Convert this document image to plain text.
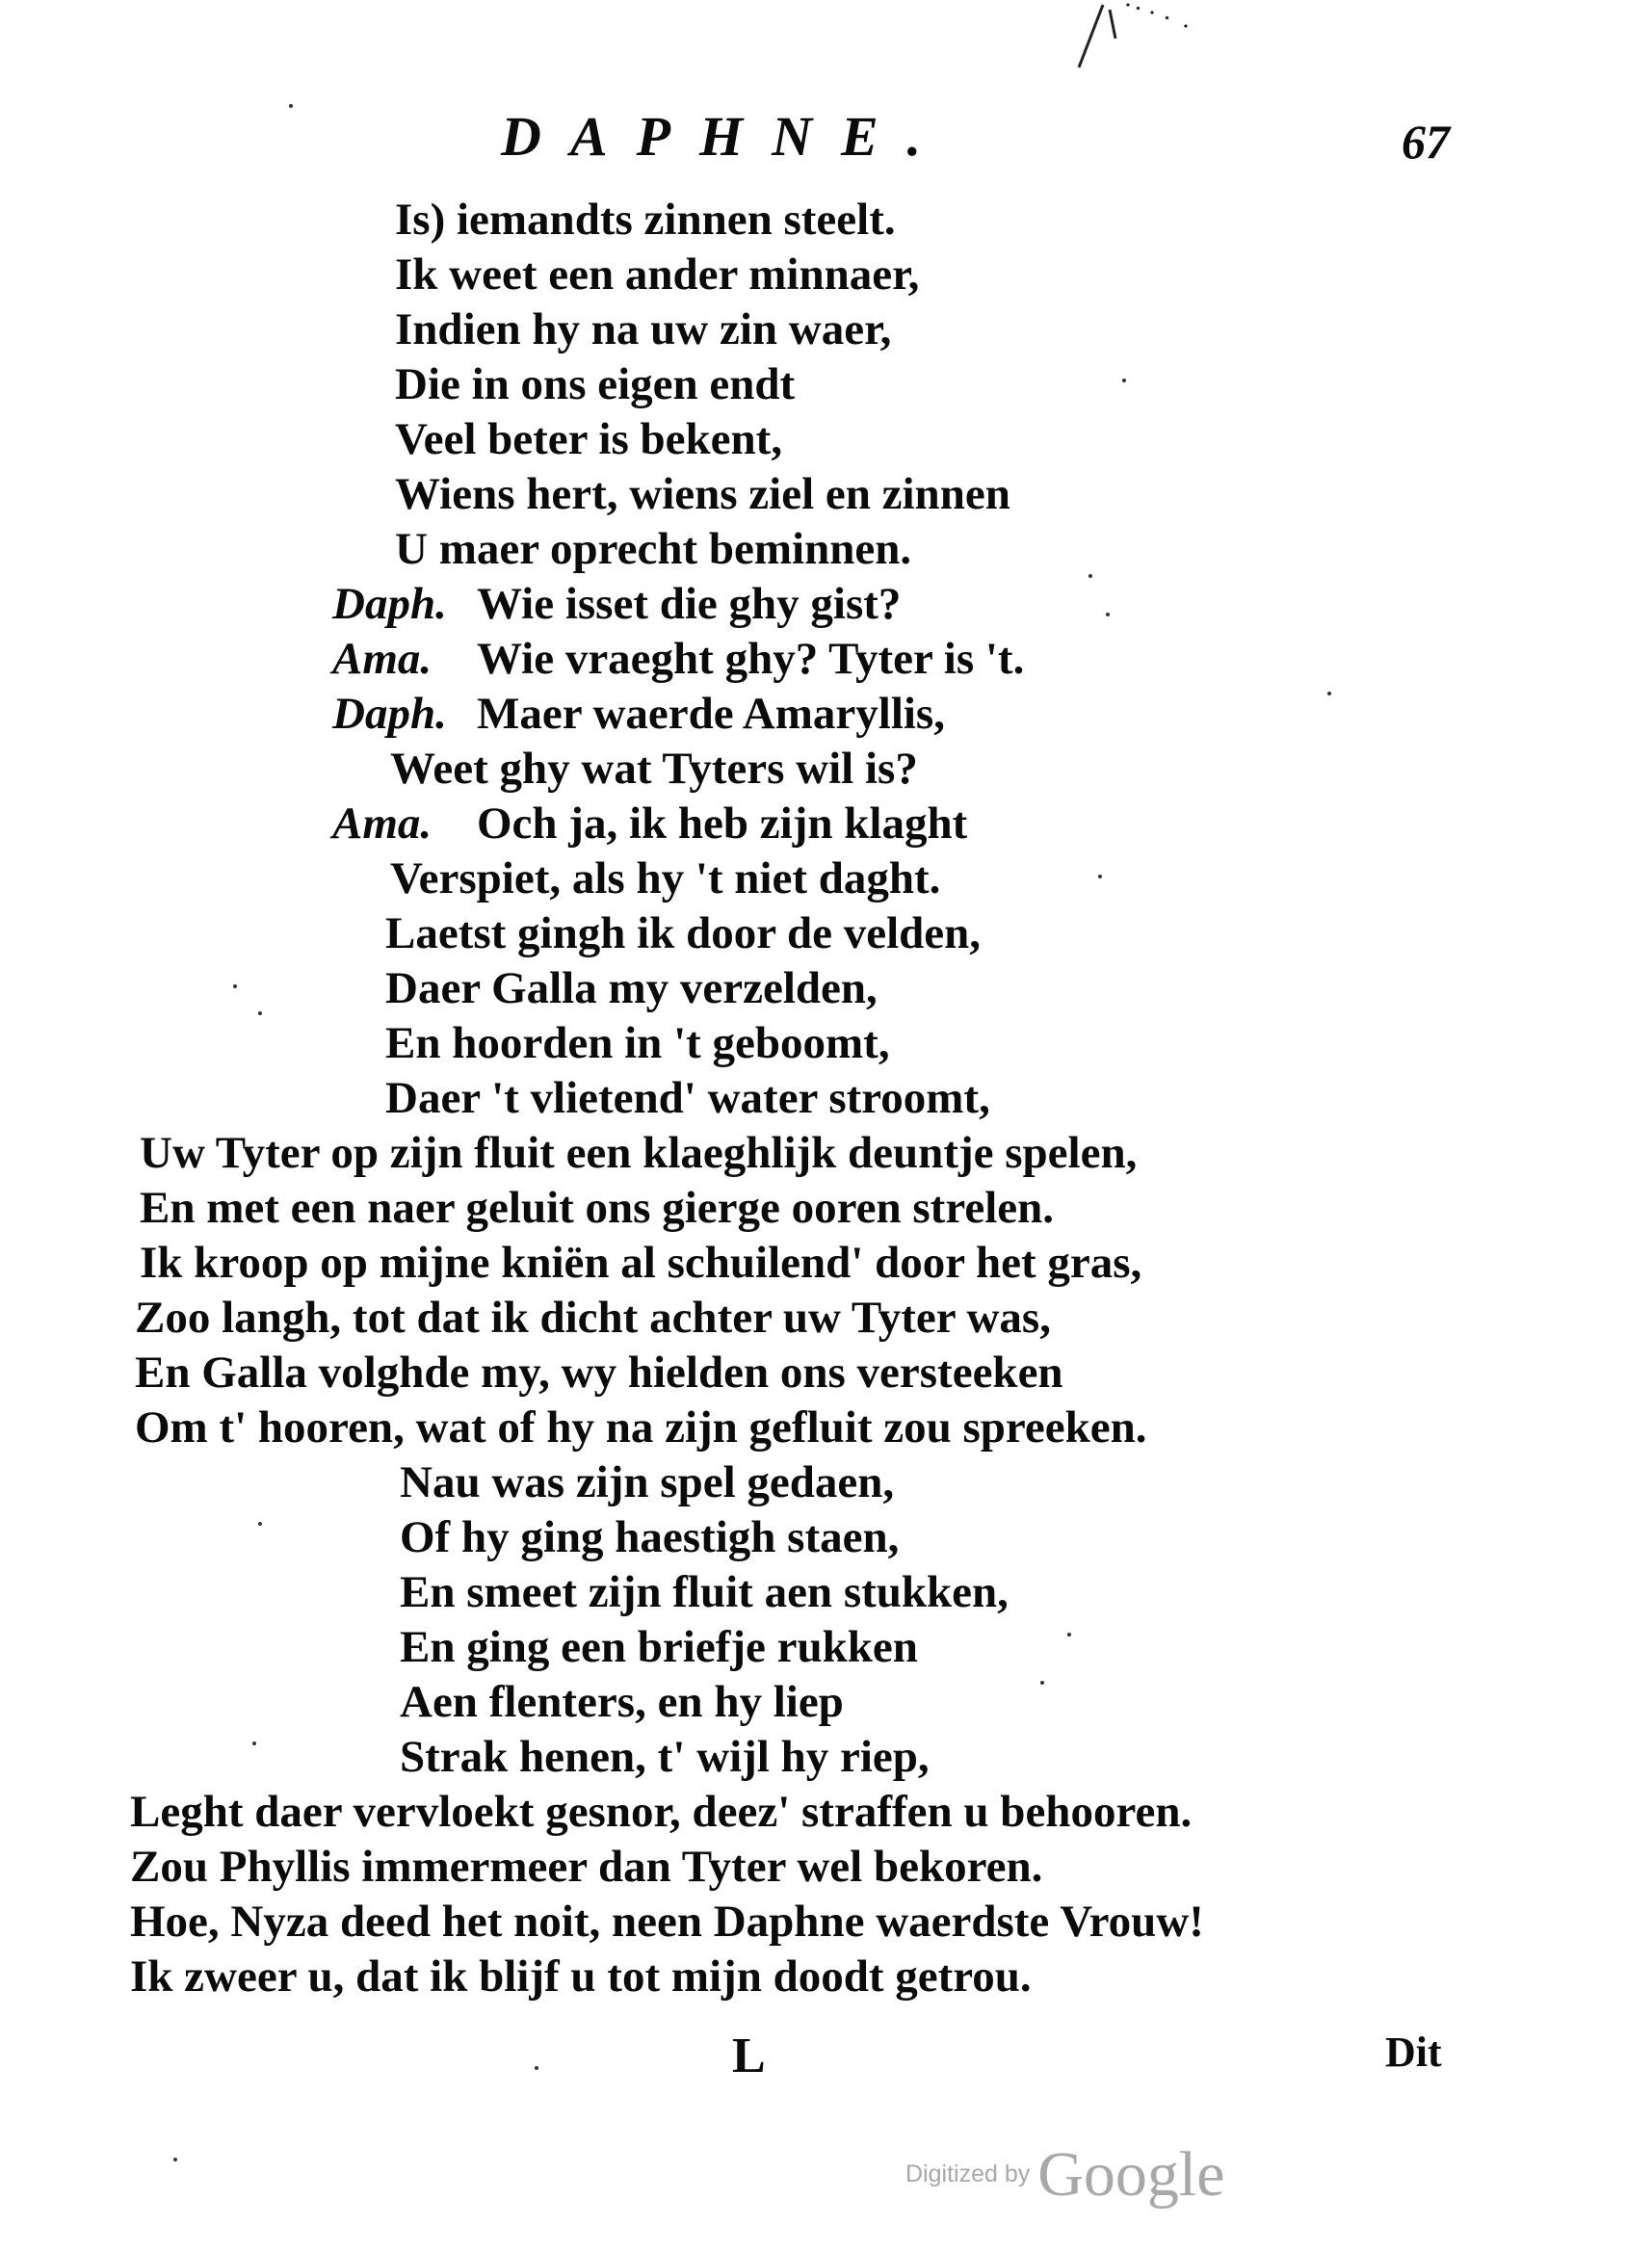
DAPHNE.	67
Is) iemandts zinnen steelt.
Ik weet een ander minnaer,
Indien hy na uw zin waer,
Die in ons eigen endt
Veel beter is bekent,
Wiens hert, wiens ziel en zinnen
U maer oprecht beminnen.
Daph. Wie isset die ghy gist?
Ama. Wie vraeght ghy? Tyter is 't.
Daph. Maer waerde Amaryllis,
Weet ghy wat Tyters wil is?
Ama. Och ja, ik heb zijn klaght
Verspiet, als hy 't niet daght.
Laetst gingh ik door de velden,
Daer Galla my verzelden,
En hoorden in 't geboomt,
Daer 't vlietend' water stroomt,
Uw Tyter op zijn fluit een klaeghlijk deuntje spelen,
En met een naer geluit ons gierge ooren strelen.
Ik kroop op mijne kniën al schuilend' door het gras,
Zoo langh, tot dat ik dicht achter uw Tyter was,
En Galla volghde my, wy hielden ons versteeken
Om t' hooren, wat of hy na zijn gefluit zou spreeken.
Nau was zijn spel gedaen,
Of hy ging haestigh staen,
En smeet zijn fluit aen stukken,
En ging een briefje rukken
Aen flenters, en hy liep
Strak henen, t' wijl hy riep,
Leght daer vervloekt gesnor, deez' straffen u behooren.
Zou Phyllis immermeer dan Tyter wel bekoren.
Hoe, Nyza deed het noit, neen Daphne waerdste Vrouw!
Ik zweer u, dat ik blijf u tot mijn doodt getrou.
L	Dit
Digitized by Google
